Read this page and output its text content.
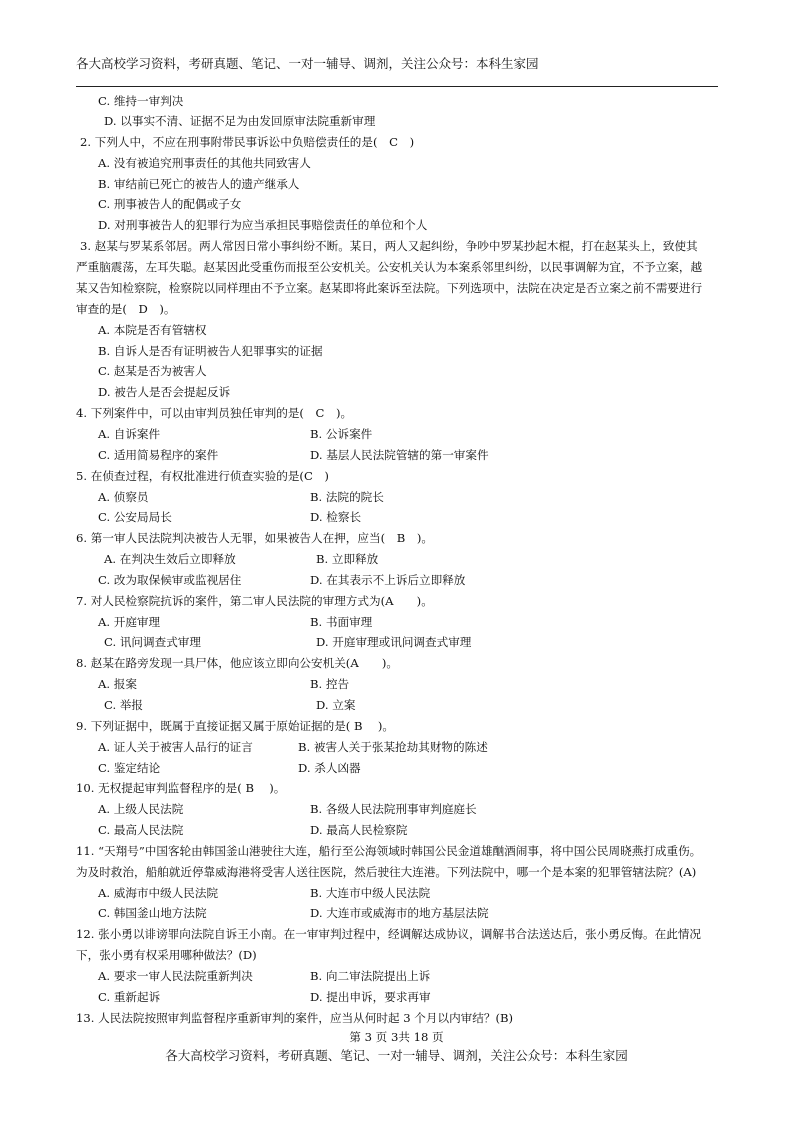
各大高校学习资料，考研真题、笔记、一对一辅导、调剂，关注公众号：本科生家园
C. 维持一审判决
D. 以事实不清、证据不足为由发回原审法院重新审理
2. 下列人中，不应在刑事附带民事诉讼中负赔偿责任的是(　C　)
A. 没有被追究刑事责任的其他共同致害人
B. 审结前已死亡的被告人的遗产继承人
C. 刑事被告人的配偶或子女
D. 对刑事被告人的犯罪行为应当承担民事赔偿责任的单位和个人
3. 赵某与罗某系邻居。两人常因日常小事纠纷不断。某日，两人又起纠纷，争吵中罗某抄起木棍，打在赵某头上，致使其
严重脑震荡，左耳失聪。赵某因此受重伤而报至公安机关。公安机关认为本案系邻里纠纷，以民事调解为宜，不予立案，越
某又告知检察院，检察院以同样理由不予立案。赵某即将此案诉至法院。下列选项中，法院在决定是否立案之前不需要进行
审查的是(　D　)。
A. 本院是否有管辖权
B. 自诉人是否有证明被告人犯罪事实的证据
C. 赵某是否为被害人
D. 被告人是否会提起反诉
4. 下列案件中，可以由审判员独任审判的是(　C　)。
A. 自诉案件	B. 公诉案件
C. 适用简易程序的案件	D. 基层人民法院管辖的第一审案件
5. 在侦查过程，有权批准进行侦查实验的是(C　)
A. 侦察员	B. 法院的院长
C. 公安局局长	D. 检察长
6. 第一审人民法院判决被告人无罪，如果被告人在押，应当(　B　)。
A. 在判决生效后立即释放	B. 立即释放
C. 改为取保候审或监视居住	D. 在其表示不上诉后立即释放
7. 对人民检察院抗诉的案件，第二审人民法院的审理方式为(A　　)。
A. 开庭审理	B. 书面审理
C. 讯问调查式审理	D. 开庭审理或讯问调查式审理
8. 赵某在路旁发现一具尸体，他应该立即向公安机关(A　　)。
A. 报案	B. 控告
C. 举报	D. 立案
9. 下列证据中，既属于直接证据又属于原始证据的是( B　 )。
A. 证人关于被害人品行的证言	B. 被害人关于张某抢劫其财物的陈述
C. 鉴定结论	D. 杀人凶器
10. 无权提起审判监督程序的是( B　 )。
A. 上级人民法院	B. 各级人民法院刑事审判庭庭长
C. 最高人民法院	D. 最高人民检察院
11. “天翔号”中国客轮由韩国釜山港驶往大连，船行至公海领域时韩国公民金道雄酗酒闹事，将中国公民周晓燕打成重伤。
为及时救治，船舶就近停靠威海港将受害人送往医院，然后驶往大连港。下列法院中，哪一个是本案的犯罪管辖法院？(A)
A. 威海市中级人民法院	B. 大连市中级人民法院
C. 韩国釜山地方法院	D. 大连市或威海市的地方基层法院
12. 张小勇以诽谤罪向法院自诉王小南。在一审审判过程中，经调解达成协议，调解书合法送达后，张小勇反悔。在此情况
下，张小勇有权采用哪种做法？(D)
A. 要求一审人民法院重新判决	B. 向二审法院提出上诉
C. 重新起诉	D. 提出申诉，要求再审
13. 人民法院按照审判监督程序重新审判的案件，应当从何时起 3 个月以内审结？(B)
第 3 页 3共 18 页
各大高校学习资料，考研真题、笔记、一对一辅导、调剂，关注公众号：本科生家园
